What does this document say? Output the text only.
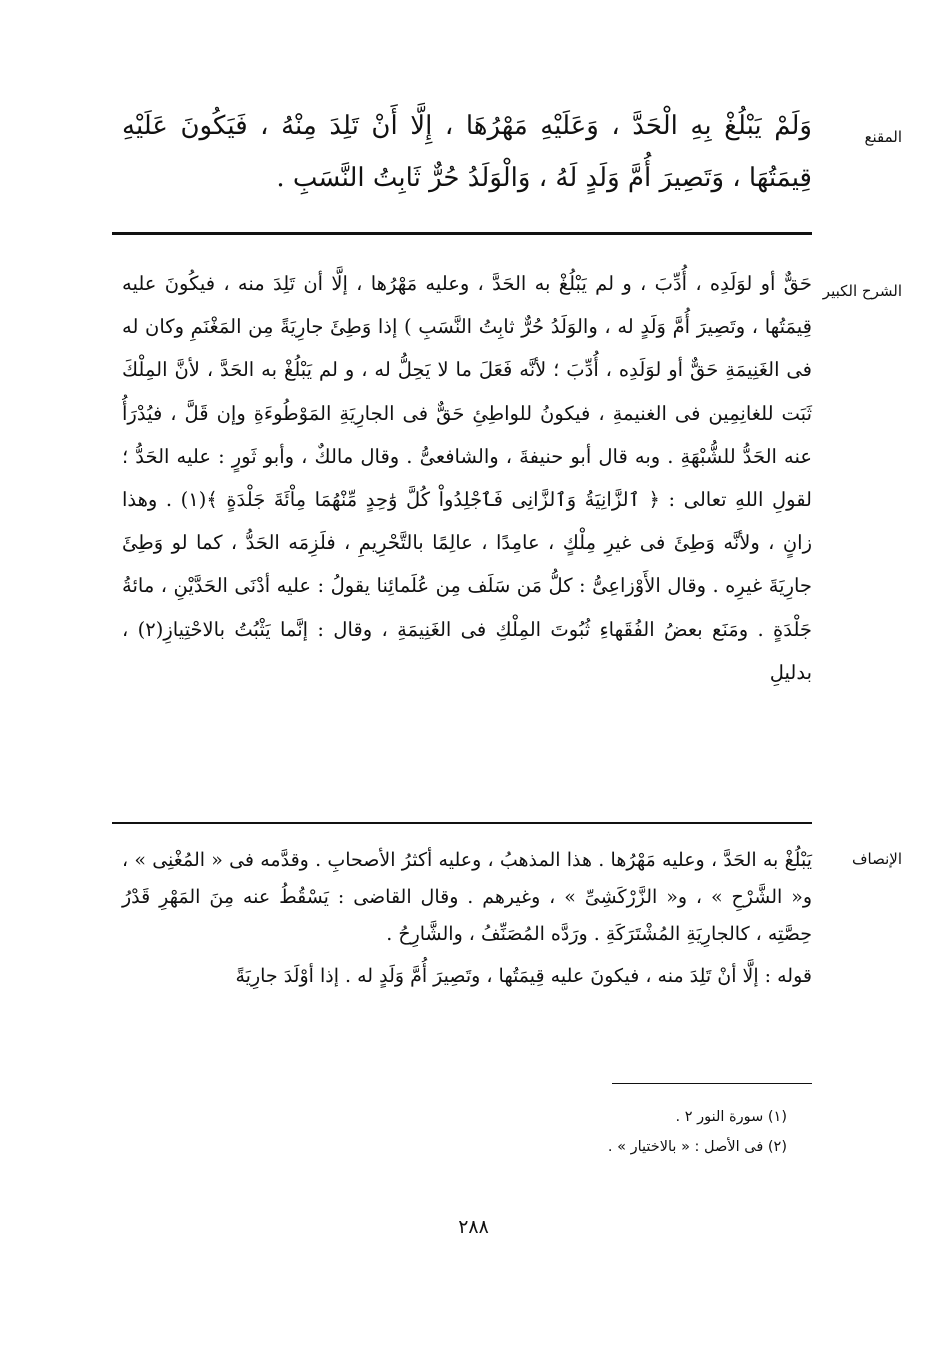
المقنع

وَلَمْ يَبْلُغْ بِهِ الْحَدَّ ، وَعَلَيْهِ مَهْرُهَا ، إِلَّا أَنْ تَلِدَ مِنْهُ ، فَيَكُونَ عَلَيْهِ قِيمَتُهَا ، وَتَصِيرَ أُمَّ وَلَدٍ لَهُ ، وَالْوَلَدُ حُرٌّ ثَابِتُ النَّسَبِ .

الشرح الكبير

حَقٌّ أو لوَلَدِه ، أُدِّبَ ، و لم يَبْلُغْ به الحَدَّ ، وعليه مَهْرُها ، إلَّا أن تَلِدَ منه ، فيكُونَ عليه قِيمَتُها ، وتَصِيرَ أُمَّ وَلَدٍ له ، والوَلَدُ حُرٌّ ثابِتُ النَّسَبِ ) إذا وَطِئَ جارِيَةً مِن المَغْنَمِ وكان له فى الغَنِيمَةِ حَقٌّ أو لوَلَدِه ، أُدِّبَ ؛ لأنَّه فَعَلَ ما لا يَحِلُّ له ، و لم يَبْلُغْ به الحَدَّ ، لأنَّ المِلْكَ ثَبَت للغانِمِين فى الغنيمةِ ، فيكونُ للواطِئِ حَقٌّ فى الجارِيَةِ المَوْطُوءَةِ وإن قَلَّ ، فيُدْرَأُ عنه الحَدُّ للشُّبْهَةِ . وبه قال أبو حنيفةَ ، والشافعىُّ . وقال مالكٌ ، وأبو ثَورٍ : عليه الحَدُّ ؛ لقولِ اللهِ تعالى : ﴿ ٱلزَّانِيَةُ وَٱلزَّانِى فَٱجْلِدُواْ كُلَّ وَٰحِدٍ مِّنْهُمَا مِاْئَةَ جَلْدَةٍ ﴾(١) . وهذا زانٍ ، ولأنَّه وَطِئَ فى غيرِ مِلْكٍ ، عامِدًا ، عالِمًا بالتَّحْرِيمِ ، فلَزِمَه الحَدُّ ، كما لو وَطِئَ جارِيَةَ غيرِه . وقال الأَوْزاعِىُّ : كلُّ مَن سَلَف مِن عُلَمائِنا يقولُ : عليه أدْنَى الحَدَّيْنِ ، مائةُ جَلْدَةٍ . ومَنَع بعضُ الفُقَهاءِ ثُبُوتَ المِلْكِ فى الغَنِيمَةِ ، وقال : إنَّما يَثْبُتُ بالاحْتِيازِ(٢) ، بدليلِ

الإنصاف

يَبْلُغْ به الحَدَّ ، وعليه مَهْرُها . هذا المذهبُ ، وعليه أكثرُ الأصحابِ . وقدَّمه فى « المُغْنِى » ، و« الشَّرْحِ » ، و« الزَّرْكَشِىِّ » ، وغيرهم . وقال القاضى : يَسْقُطُ عنه مِنَ المَهْرِ قَدْرُ حِصَّتِه ، كالجارِيَةِ المُشْتَرَكَةِ . ورَدَّه المُصَنِّفُ ، والشَّارِحُ .

قوله : إلَّا أنْ تَلِدَ منه ، فيكونَ عليه قِيمَتُها ، وتَصِيرَ أُمَّ وَلَدٍ له . إذا أوْلَدَ جارِيَةً

(١) سورة النور ٢ .
(٢) فى الأصل : « بالاختيار » .
٢٨٨
